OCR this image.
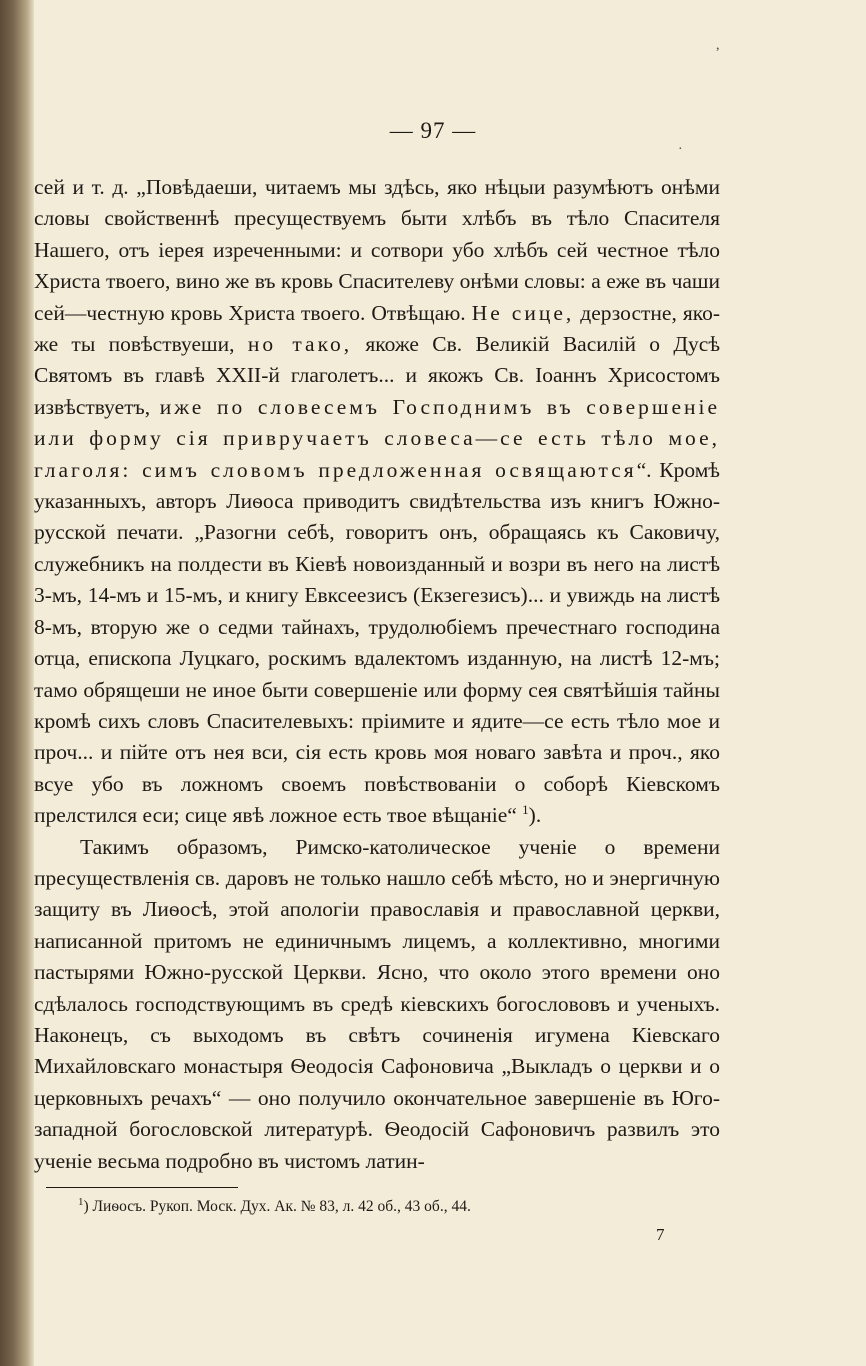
— 97 —

сей и т. д. „Повѣдаеши, читаемъ мы здѣсь, яко нѣцыи разумѣютъ онѣми словы свойственнѣ пресуществуемъ быти хлѣбъ въ тѣло Спасителя Нашего, отъ іерея изреченными: и сотвори убо хлѣбъ сей честное тѣло Христа твоего, вино же въ кровь Спасителеву онѣми словы: а еже въ чаши сей—честную кровь Христа твоего. Отвѣщаю. Не сице, дерзостне, яко-же ты повѣствуеши, но тако, якоже Св. Великій Василій о Дусѣ Святомъ въ главѣ XXII-й глаголетъ... и якожъ Св. Іоаннъ Хрисостомъ извѣствуетъ, иже по словесемъ Господнимъ въ совершеніе или форму сія привручаетъ словеса—се есть тѣло мое, глаголя: симъ словомъ предложенная освящаются“. Кромѣ указанныхъ, авторъ Лиѳоса приводитъ свидѣтельства изъ книгъ Южно-русской печати. „Разогни себѣ, говоритъ онъ, обращаясь къ Саковичу, служебникъ на полдести въ Кіевѣ новоизданный и возри въ него на листѣ 3-мъ, 14-мъ и 15-мъ, и книгу Евксеезисъ (Екзегезисъ)... и увиждь на листѣ 8-мъ, вторую же о седми тайнахъ, трудолюбіемъ пречестнаго господина отца, епископа Луцкаго, роскимъ вдалектомъ изданную, на листѣ 12-мъ; тамо обрящеши не иное быти совершеніе или форму сея святѣйшія тайны кромѣ сихъ словъ Спасителевыхъ: пріимите и ядите—се есть тѣло мое и проч... и пійте отъ нея вси, сія есть кровь моя новаго завѣта и проч., яко всуе убо въ ложномъ своемъ повѣствованіи о соборѣ Кіевскомъ прелстился еси; сице явѣ ложное есть твое вѣщаніе“ $^1$).

Такимъ образомъ, Римско-католическое ученіе о времени пресуществленія св. даровъ не только нашло себѣ мѣсто, но и энергичную защиту въ Лиѳосѣ, этой апологіи православія и православной церкви, написанной притомъ не единичнымъ лицемъ, а коллективно, многими пастырями Южно-русской Церкви. Ясно, что около этого времени оно сдѣлалось господствующимъ въ средѣ кіевскихъ богослововъ и ученыхъ. Наконецъ, съ выходомъ въ свѣтъ сочиненія игумена Кіевскаго Михайловскаго монастыря Ѳеодосія Сафоновича „Выкладъ о церкви и о церковныхъ речахъ“ — оно получило окончательное завершеніе въ Юго-западной богословской литературѣ. Ѳеодосій Сафоновичъ развилъ это ученіе весьма подробно въ чистомъ латин-

$^1$) Лиѳосъ. Рукоп. Моск. Дух. Ак. № 83, л. 42 об., 43 об., 44.
7
,
·
